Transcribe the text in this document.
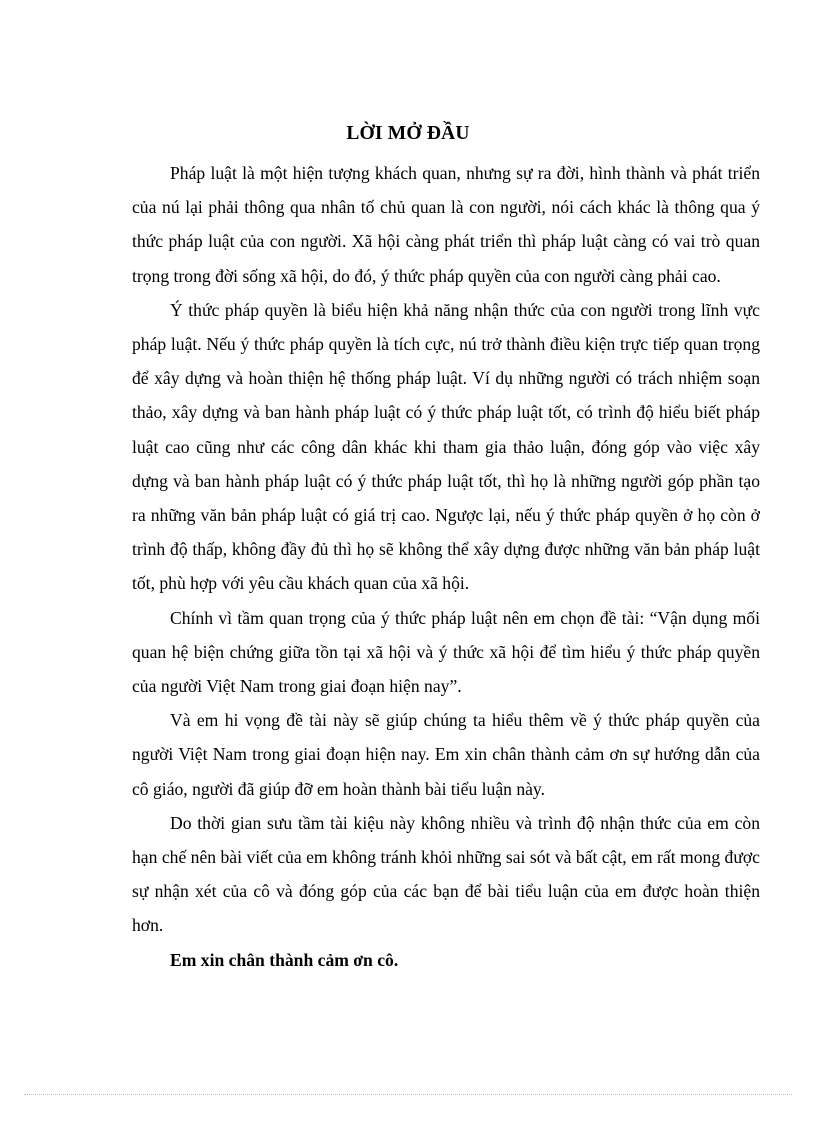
LỜI MỞ ĐẦU

Pháp luật là một hiện tượng khách quan, nhưng sự ra đời, hình thành và phát triển của nú lại phải thông qua nhân tố chủ quan là con người, nói cách khác là thông qua ý thức pháp luật của con người. Xã hội càng phát triển thì pháp luật càng có vai trò quan trọng trong đời sống xã hội, do đó, ý thức pháp quyền của con người càng phải cao.

Ý thức pháp quyền là biểu hiện khả năng nhận thức của con người trong lĩnh vực pháp luật. Nếu ý thức pháp quyền là tích cực, nú trở thành điều kiện trực tiếp quan trọng để xây dựng và hoàn thiện hệ thống pháp luật. Ví dụ những người có trách nhiệm soạn thảo, xây dựng và ban hành pháp luật có ý thức pháp luật tốt, có trình độ hiểu biết pháp luật cao cũng như các công dân khác khi tham gia thảo luận, đóng góp vào việc xây dựng và ban hành pháp luật có ý thức pháp luật tốt, thì họ là những người góp phần tạo ra những văn bản pháp luật có giá trị cao. Ngược lại, nếu ý thức pháp quyền ở họ còn ở trình độ thấp, không đầy đủ thì họ sẽ không thể xây dựng được những văn bản pháp luật tốt, phù hợp với yêu cầu khách quan của xã hội.

Chính vì tầm quan trọng của ý thức pháp luật nên em chọn đề tài: “Vận dụng mối quan hệ biện chứng giữa tồn tại xã hội và ý thức xã hội để tìm hiểu ý thức pháp quyền của người Việt Nam trong giai đoạn hiện nay”.

Và em hi vọng đề tài này sẽ giúp chúng ta hiểu thêm về ý thức pháp quyền của người Việt Nam trong giai đoạn hiện nay. Em xin chân thành cảm ơn sự hướng dẫn của cô giáo, người đã giúp đỡ em hoàn thành bài tiểu luận này.

Do thời gian sưu tầm tài kiệu này không nhiều và trình độ nhận thức của em còn hạn chế nên bài viết của em không tránh khỏi những sai sót và bất cật, em rất mong được sự nhận xét của cô và đóng góp của các bạn để bài tiểu luận của em được hoàn thiện hơn.

Em xin chân thành cảm ơn cô.
